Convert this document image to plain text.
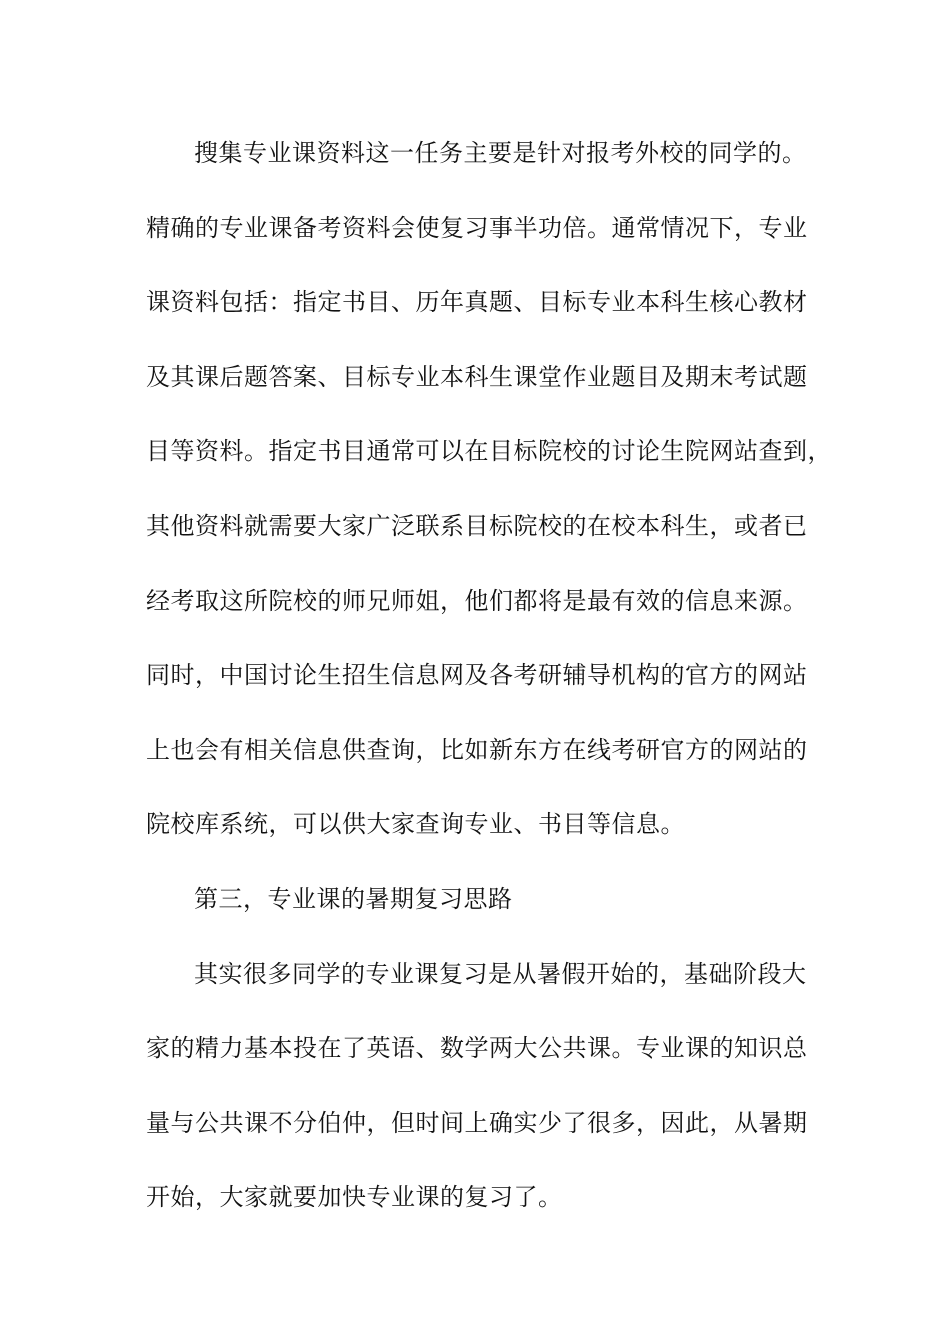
搜集专业课资料这一任务主要是针对报考外校的同学的。
精确的专业课备考资料会使复习事半功倍。通常情况下，专业
课资料包括：指定书目、历年真题、目标专业本科生核心教材
及其课后题答案、目标专业本科生课堂作业题目及期末考试题
目等资料。指定书目通常可以在目标院校的讨论生院网站查到，
其他资料就需要大家广泛联系目标院校的在校本科生，或者已
经考取这所院校的师兄师姐，他们都将是最有效的信息来源。
同时，中国讨论生招生信息网及各考研辅导机构的官方的网站
上也会有相关信息供查询，比如新东方在线考研官方的网站的
院校库系统，可以供大家查询专业、书目等信息。
第三，专业课的暑期复习思路
其实很多同学的专业课复习是从暑假开始的，基础阶段大
家的精力基本投在了英语、数学两大公共课。专业课的知识总
量与公共课不分伯仲，但时间上确实少了很多，因此，从暑期
开始，大家就要加快专业课的复习了。
